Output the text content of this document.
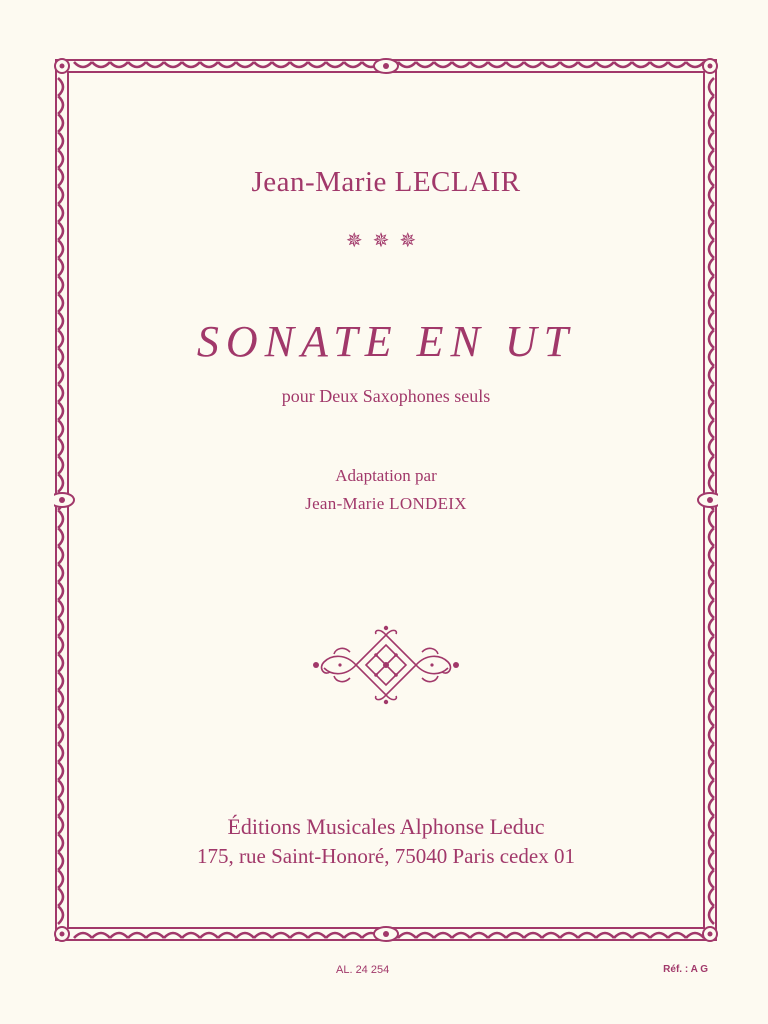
Jean-Marie LECLAIR
✵✵✵
SONATE EN UT
pour Deux Saxophones seuls
Adaptation par
Jean-Marie LONDEIX
Éditions Musicales Alphonse Leduc
175, rue Saint-Honoré, 75040 Paris cedex 01
AL. 24 254	Réf. : A G
